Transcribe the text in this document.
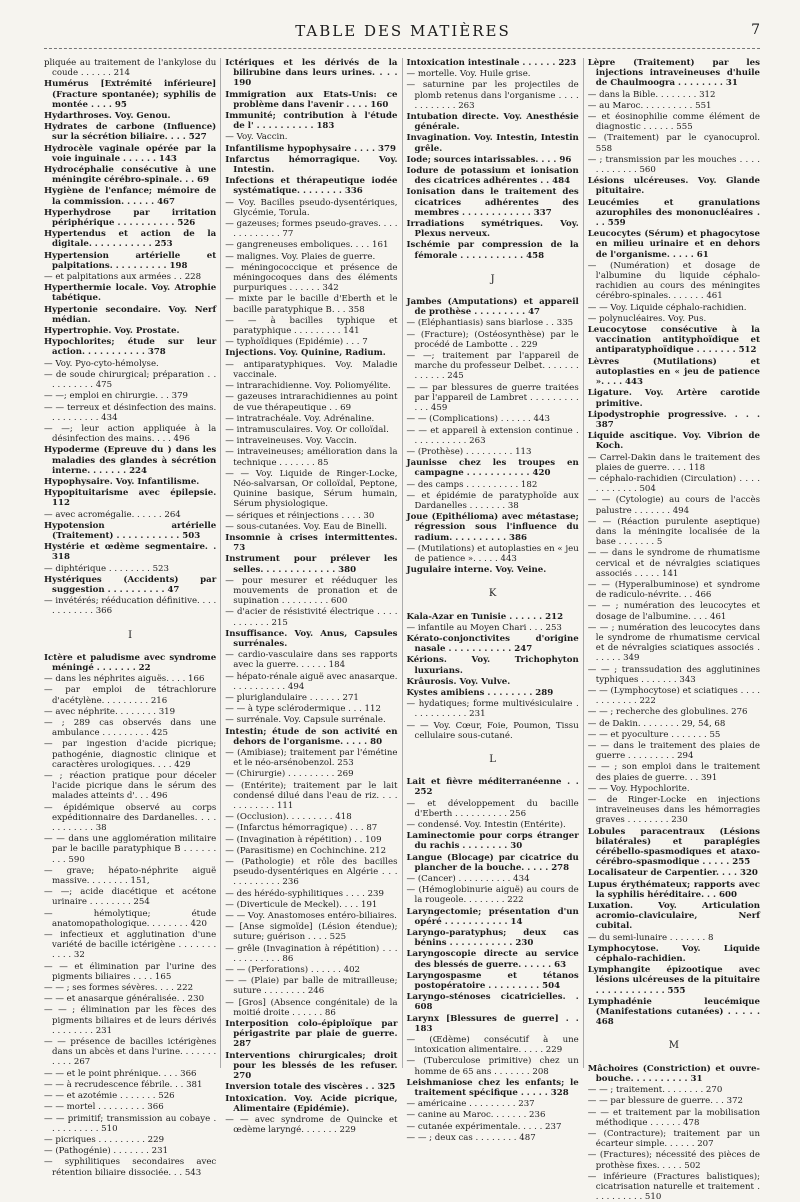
TABLE DES MATIÈRES	7
pliquée au traitement de l'ankylose du coude . . . . . . 214
Humérus [Extrémité inférieure] (Fracture spontanée); syphilis de montée . . . . 95
Hydarthroses. Voy. Genou.
Hydrates de carbone (Influence) sur la sécrétion biliaire. . . . 527
Hydrocèle vaginale opérée par la voie inguinale . . . . . . 143
Hydrocéphalie consécutive à une méningite cérébro-spinale. . . 69
Hygiène de l'enfance; mémoire de la commission. . . . . . 467
Hyperhydrose par irritation périphérique . . . . . . . . . . 526
Hypertendus et action de la digitale. . . . . . . . . . . 253
Hypertension artérielle et palpitations. . . . . . . . . . 198
— et palpitations aux armées . . 228
Hyperthermie locale. Voy. Atrophie tabétique.
Hypertonie secondaire. Voy. Nerf médian.
Hypertrophie. Voy. Prostate.
Hypochlorites; étude sur leur action. . . . . . . . . . . 378
— Voy. Pyo-cyto-hémolyse.
— de soude chirurgical; préparation . . . . . . . . . . 475
— —; emploi en chirurgie. . . 379
— — terreux et désinfection des mains. . . . . . . . . . 434
— —; leur action appliquée à la désinfection des mains. . . . 496
Hypoderme (Epreuve du ) dans les maladies des glandes à sécrétion interne. . . . . . . 224
Hypophysaire. Voy. Infantilisme.
Hypopituitarisme avec épilepsie. 112
— avec acromégalie. . . . . . 264
Hypotension artérielle (Traitement) . . . . . . . . . . . 503
Hystérie et œdème segmentaire. . 318
— diphtérique . . . . . . . . 523
Hystériques (Accidents) par suggestion . . . . . . . . . . 47
— invétérés; rééducation définitive. . . . . . . . . . . . 366
I
Ictère et paludisme avec syndrome méningé . . . . . . . 22
— dans les néphrites aiguës. . . . 166
— par emploi de tétrachlorure d'acétylène. . . . . . . . . 216
— avec néphrite. . . . . . . . 319
— ; 289 cas observés dans une ambulance . . . . . . . . . 425
— par ingestion d'acide picrique; pathogénie, diagnostic clinique et caractères urologiques. . . . 429
— ; réaction pratique pour déceler l'acide picrique dans le sérum des malades atteints d'. . . 496
— épidémique observé au corps expéditionnaire des Dardanelles. . . . . . . . . . . . 38
— — dans une agglomération militaire par le bacille paratyphique B . . . . . . . . . 590
— grave; hépato-néphrite aiguë massive. . . . . . . . 151,
— —; acide diacétique et acétone urinaire . . . . . . . . 254
— hémolytique; étude anatomopathologique. . . . . . . . 420
— infectieux et agglutination d'une variété de bacille ictérigène . . . . . . . . . . . 32
— — et élimination par l'urine des pigments biliaires . . . . 165
— — ; ses formes sévères. . . . 222
— — et anasarque généralisée. . 230
— — ; élimination par les fèces des pigments biliaires et de leurs dérivés . . . . . . . . 231
— — présence de bacilles ictérigènes dans un abcès et dans l'urine. . . . . . . . . . . 267
— — et le point phrénique. . . . 366
— — à recrudescence fébrile. . . 381
— — et azotémie . . . . . . . 526
— — mortel . . . . . . . . . 366
— — primitif; transmission au cobaye . . . . . . . . . . 510
— picriques . . . . . . . . . 229
— (Pathogénie) . . . . . . . 231
— syphilitiques secondaires avec rétention biliaire dissociée. . . 543
Ictériques et les dérivés de la bilirubine dans leurs urines. . . . 190
Immigration aux Etats-Unis: ce problème dans l'avenir . . . . 160
Immunité; contribution à l'étude de l' . . . . . . . . . . 183
— Voy. Vaccin.
Infantilisme hypophysaire . . . . 379
Infarctus hémorragique. Voy. Intestin.
Infections et thérapeutique iodée systématique. . . . . . . . 336
— Voy. Bacilles pseudo-dysentériques, Glycémie, Torula.
— gazeuses; formes pseudo-graves. . . . . . . . . . . . . 77
— gangreneuses emboliques. . . . 161
— malignes. Voy. Plaies de guerre.
— méningococcique et présence de méningocoques dans des éléments purpuriques . . . . . . 342
— mixte par le bacille d'Eberth et le bacille paratyphique B. . . 358
— — à bacilles typhique et paratyphique . . . . . . . . . 141
— typhoïdiques (Epidémie) . . . 7
Injections. Voy. Quinine, Radium.
— antiparatyphiques. Voy. Maladie vaccinale.
— intrarachidienne. Voy. Poliomyélite.
— gazeuses intrarachidiennes au point de vue thérapeutique . . 69
— intratrachéale. Voy. Adrénaline.
— intramusculaires. Voy. Or colloïdal.
— intraveineuses. Voy. Vaccin.
— intraveineuses; amélioration dans la technique . . . . . . . 85
— — Voy. Liquide de Ringer-Locke, Néo-salvarsan, Or colloïdal, Peptone, Quinine basique, Sérum humain, Sérum physiologique.
— sériques et réinjections . . . . 30
— sous-cutanées. Voy. Eau de Binelli.
Insomnie à crises intermittentes. 73
Instrument pour prélever les selles. . . . . . . . . . . . . 380
— pour mesurer et rééduquer les mouvements de pronation et de supination . . . . . . . . . 600
— d'acier de résistivité électrique . . . . . . . . . . . 215
Insuffisance. Voy. Anus, Capsules surrénales.
— cardio-vasculaire dans ses rapports avec la guerre. . . . . . 184
— hépato-rénale aiguë avec anasarque. . . . . . . . . . . 494
— pluriglandulaire . . . . . . 271
— — à type sclérodermique . . . 112
— surrénale. Voy. Capsule surrénale.
Intestin; étude de son activité en dehors de l'organisme. . . . . 80
— (Amibiase); traitement par l'émétine et le néo-arsénobenzol. 253
— (Chirurgie) . . . . . . . . . 269
— (Entérite); traitement par le lait condensé dilué dans l'eau de riz. . . . . . . . . . . . 111
— (Occlusion). . . . . . . . . 418
— (Infarctus hémorragique) . . . 87
— (Invagination à répétition) . . 109
— (Parasitisme) en Cochinchine. 212
— (Pathologie) et rôle des bacilles pseudo-dysentériques en Algérie . . . . . . . . . . . . 236
— des hérédo-syphilitiques . . . . 239
— (Diverticule de Meckel). . . . 191
— — Voy. Anastomoses entéro-biliaires.
— [Anse sigmoïde] (Lésion étendue); suture; guérison . . . . 525
— grêle (Invagination à répétition) . . . . . . . . . . . . 86
— — (Perforations) . . . . . . 402
— — (Plaie) par balle de mitrailleuse; suture . . . . . . . . 246
— [Gros] (Absence congénitale) de la moitié droite . . . . . . 86
Interposition colo-épiploïque par périgastrite par plaie de guerre. 287
Interventions chirurgicales; droit pour les blessés de les refuser. 270
Inversion totale des viscères . . 325
Intoxication. Voy. Acide picrique, Alimentaire (Epidémie).
— — avec syndrome de Quincke et œdème laryngé. . . . . . . 229
Intoxication intestinale . . . . . . 223
— mortelle. Voy. Huile grise.
— saturnine par les projectiles de plomb retenus dans l'organisme . . . . . . . . . . . . 263
Intubation directe. Voy. Anesthésie générale.
Invagination. Voy. Intestin, Intestin grêle.
Iode; sources intarissables. . . . 96
Iodure de potassium et ionisation des cicatrices adhérentes . . 484
Ionisation dans le traitement des cicatrices adhérentes des membres . . . . . . . . . . . . 337
Irradiations symétriques. Voy. Plexus nerveux.
Ischémie par compression de la fémorale . . . . . . . . . . . 458
J
Jambes (Amputations) et appareil de prothèse . . . . . . . . . 47
— (Eléphantiasis) sans biarlose . . 335
— (Fracture); (Ostéosynthèse) par le procédé de Lambotte . . 229
— —; traitement par l'appareil de marche du professeur Delbet. . . . . . . . . . . . . 245
— — par blessures de guerre traitées par l'appareil de Lambret . . . . . . . . . . . . 459
— — (Complications) . . . . . . 443
— — et appareil à extension continue . . . . . . . . . . . 263
— (Prothèse) . . . . . . . . . 113
Jaunisse chez les troupes en campagne . . . . . . . . . . . 420
— des camps . . . . . . . . . . 182
— et épidémie de paratyphoïde aux Dardanelles . . . . . . . 38
Joue (Epithélioma) avec métastase; régression sous l'influence du radium. . . . . . . . . . 386
— (Mutilations) et autoplasties en « jeu de patience ». . . . . 443
Jugulaire interne. Voy. Veine.
K
Kala-Azar en Tunisie . . . . . . 212
— infantile au Moyen Chari . . . 253
Kérato-conjonctivites d'origine nasale . . . . . . . . . . . 247
Kérions. Voy. Trichophyton luxurians.
Krâurosis. Voy. Vulve.
Kystes amibiens . . . . . . . . 289
— hydatiques; forme multivésiculaire . . . . . . . . . . . 231
— — Voy. Cœur, Foie, Poumon, Tissu cellulaire sous-cutané.
L
Lait et fièvre méditerranéenne . . 252
— et développement du bacille d'Eberth . . . . . . . . . . 256
— condensé. Voy. Intestin (Entérite).
Laminectomie pour corps étranger du rachis . . . . . . . . 30
Langue (Blocage) par cicatrice du plancher de la bouche. . . . . 278
— (Cancer) . . . . . . . . . . 434
— (Hémoglobinurie aiguë) au cours de la rougeole. . . . . . . . 222
Laryngectomie; présentation d'un opéré . . . . . . . . . . . 14
Laryngo-paratyphus; deux cas bénins . . . . . . . . . . . 230
Laryngoscopie directe au service des blessés de guerre. . . . . . 63
Laryngospasme et tétanos postopératoire . . . . . . . . . 504
Laryngo-sténoses cicatricielles. . 608
Larynx [Blessures de guerre] . . 183
— (Œdème) consécutif à une intoxication alimentaire. . . . . 229
— (Tuberculose primitive) chez un homme de 65 ans . . . . . . . 208
Leishmaniose chez les enfants; le traitement spécifique . . . . . 328
— américaine . . . . . . . . . 237
— canine au Maroc. . . . . . . 236
— cutanée expérimentale. . . . . 237
— — ; deux cas . . . . . . . . 487
Lèpre (Traitement) par les injections intraveineuses d'huile de Chaulmoogra . . . . . . . . 31
— dans la Bible. . . . . . . . 312
— au Maroc. . . . . . . . . . 551
— et éosinophilie comme élément de diagnostic . . . . . . 555
— (Traitement) par le cyanocuprol. 558
— ; transmission par les mouches . . . . . . . . . . . . 560
Lésions ulcéreuses. Voy. Glande pituitaire.
Leucémies et granulations azurophiles des mononucléaires . . . 559
Leucocytes (Sérum) et phagocytose en milieu urinaire et en dehors de l'organisme. . . . . 61
— (Numération) et dosage de l'albumine du liquide céphalo-rachidien au cours des méningites cérébro-spinales. . . . . . . 461
— — Voy. Liquide céphalo-rachidien.
— polynucléaires. Voy. Pus.
Leucocytose consécutive à la vaccination antityphoïdique et antiparatyphoïdique . . . . . . . 512
Lèvres (Mutilations) et autoplasties en « jeu de patience ». . . . 443
Ligature. Voy. Artère carotide primitive.
Lipodystrophie progressive. . . . 387
Liquide ascitique. Voy. Vibrion de Koch.
— Carrel-Dakin dans le traitement des plaies de guerre. . . . 118
— céphalo-rachidien (Circulation) . . . . . . . . . . . . 504
— — (Cytologie) au cours de l'accès palustre . . . . . . . 494
— — (Réaction purulente aseptique) dans la méningite localisée de la base . . . . . . . 5
— — dans le syndrome de rhumatisme cervical et de névralgies sciatiques associés . . . . . 141
— — (Hyperalbuminose) et syndrome de radiculo-névrite. . . 466
— — ; numération des leucocytes et dosage de l'albumine. . . . 461
— — ; numération des leucocytes dans le syndrome de rhumatisme cervical et de névralgies sciatiques associés . . . . . . 349
— — ; transsudation des agglutinines typhiques . . . . . . . 343
— — (Lymphocytose) et sciatiques . . . . . . . . . . . . 222
— — ; recherche des globulines. 276
— de Dakin. . . . . . . . 29, 54, 68
— — et pyoculture . . . . . . . 55
— — dans le traitement des plaies de guerre . . . . . . . . . 294
— — ; son emploi dans le traitement des plaies de guerre. . . 391
— — Voy. Hypochlorite.
— de Ringer-Locke en injections intraveineuses dans les hémorragies graves . . . . . . . . 230
Lobules paracentraux (Lésions bilatérales) et paraplégies cérébello-spasmodiques et ataxo-cérébro-spasmodique . . . . . 255
Localisateur de Carpentier. . . . 320
Lupus érythémateux; rapports avec la syphilis héréditaire. . . 600
Luxation. Voy. Articulation acromio-claviculaire, Nerf cubital.
— du semi-lunaire . . . . . . . 8
Lymphocytose. Voy. Liquide céphalo-rachidien.
Lymphangite épizootique avec lésions ulcéreuses de la pituitaire . . . . . . . . . . . . 555
Lymphadénie leucémique (Manifestations cutanées) . . . . . 468
M
Mâchoires (Constriction) et ouvre-bouche. . . . . . . . . . 31
— — ; traitement. . . . . . . . 270
— — par blessure de guerre. . . 372
— — et traitement par la mobilisation méthodique . . . . . . 478
— (Contracture); traitement par un écarteur simple. . . . . . 207
— (Fractures); nécessité des pièces de prothèse fixes. . . . . 502
— inférieure (Fractures balistiques); cicatrisation naturelle et traitement . . . . . . . . . . 510
